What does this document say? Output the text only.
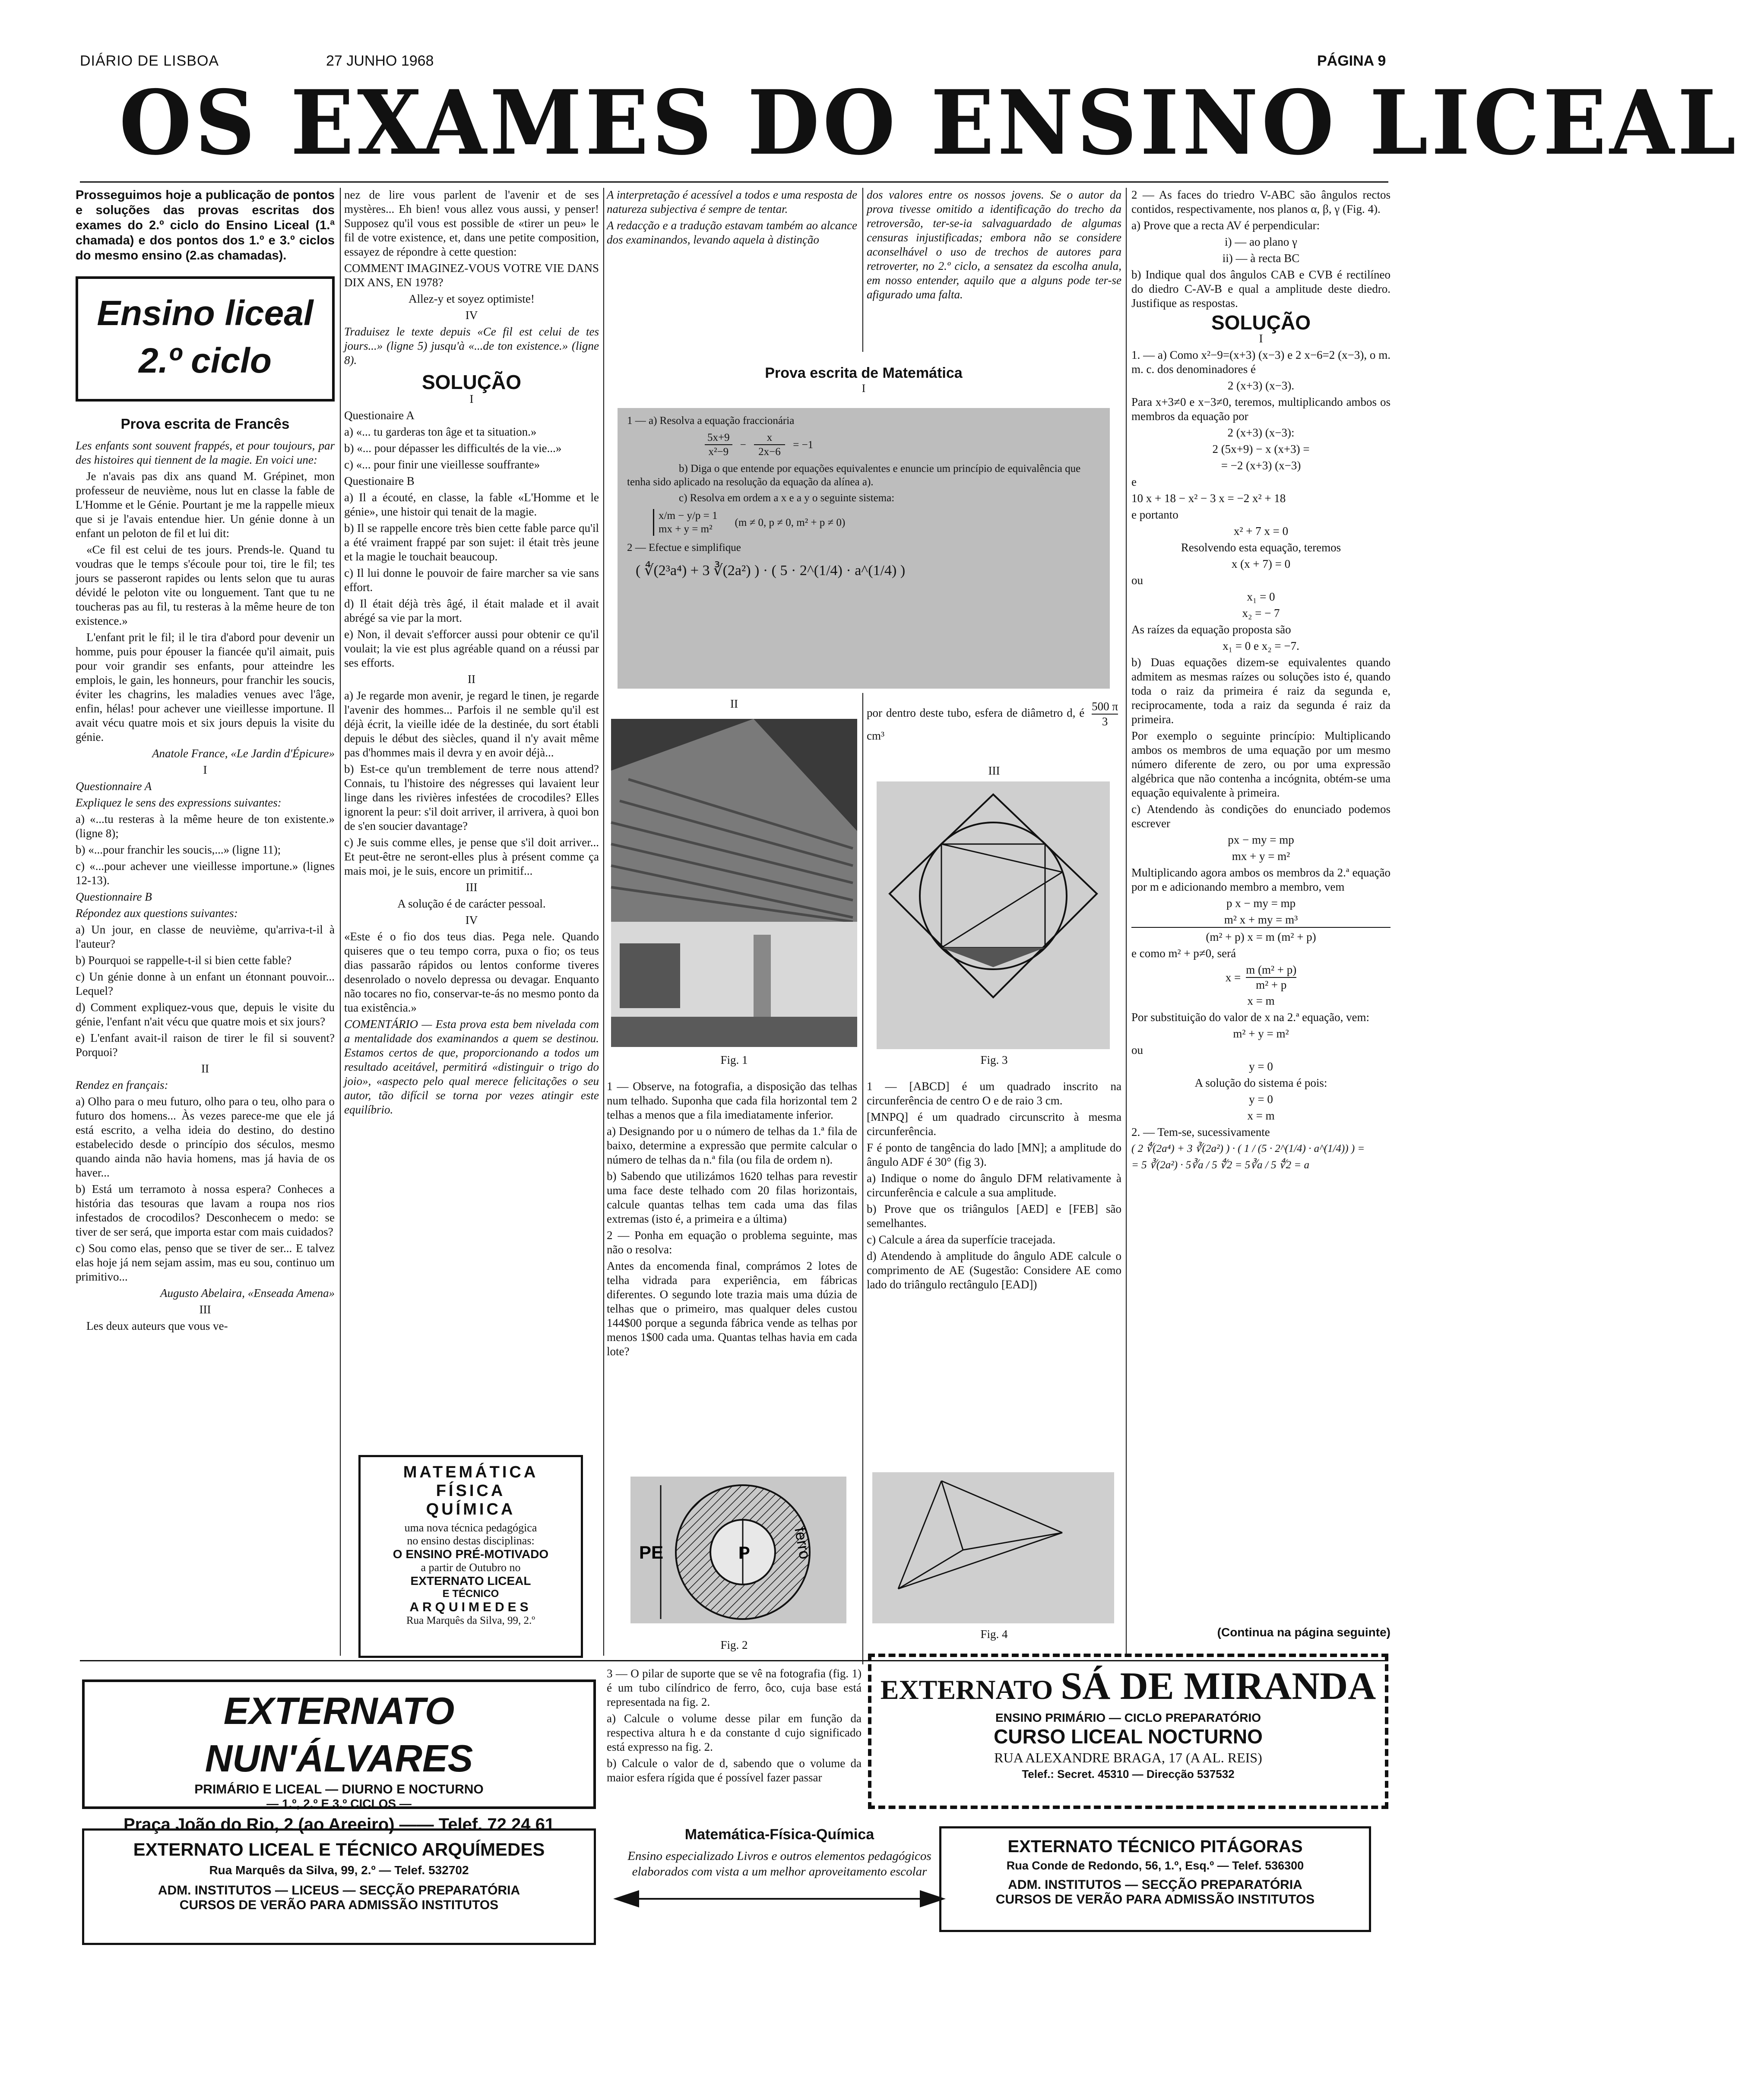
DIÁRIO DE LISBOA	27 JUNHO 1968	PÁGINA 9
OS EXAMES DO ENSINO LICEAL

Prosseguimos hoje a publicação de pontos e soluções das provas escritas dos exames do 2.º ciclo do Ensino Liceal (1.ª chamada) e dos pontos dos 1.º e 3.º ciclos do mesmo ensino (2.as chamadas).

Ensino liceal
2.º ciclo
Prova escrita de Francês

Les enfants sont souvent frappés, et pour toujours, par des histoires qui tiennent de la magie. En voici une:

Je n'avais pas dix ans quand M. Grépinet, mon professeur de neuvième, nous lut en classe la fable de L'Homme et le Génie. Pourtant je me la rappelle mieux que si je l'avais entendue hier. Un génie donne à un enfant un peloton de fil et lui dit:

«Ce fil est celui de tes jours. Prends-le. Quand tu voudras que le temps s'écoule pour toi, tire le fil; tes jours se passeront rapides ou lents selon que tu auras dévidé le peloton vite ou longuement. Tant que tu ne toucheras pas au fil, tu resteras à la même heure de ton existence.»

L'enfant prit le fil; il le tira d'abord pour devenir un homme, puis pour épouser la fiancée qu'il aimait, puis pour voir grandir ses enfants, pour atteindre les emplois, le gain, les honneurs, pour franchir les soucis, éviter les chagrins, les maladies venues avec l'âge, enfin, hélas! pour achever une vieillesse importune. Il avait vécu quatre mois et six jours depuis la visite du génie.

Anatole France, «Le Jardin d'Épicure»

I

Questionnaire A

Expliquez le sens des expressions suivantes:

a) «...tu resteras à la même heure de ton existente.» (ligne 8);

b) «...pour franchir les soucis,...» (ligne 11);

c) «...pour achever une vieillesse importune.» (lignes 12-13).

Questionnaire B

Répondez aux questions suivantes:

a) Un jour, en classe de neuvième, qu'arriva-t-il à l'auteur?

b) Pourquoi se rappelle-t-il si bien cette fable?

c) Un génie donne à un enfant un étonnant pouvoir... Lequel?

d) Comment expliquez-vous que, depuis le visite du génie, l'enfant n'ait vécu que quatre mois et six jours?

e) L'enfant avait-il raison de tirer le fil si souvent? Porquoi?

II

Rendez en français:

a) Olho para o meu futuro, olho para o teu, olho para o futuro dos homens... Às vezes parece-me que ele já está escrito, a velha ideia do destino, do destino estabelecido desde o princípio dos séculos, mesmo quando ainda não havia homens, mas já havia de os haver...

b) Está um terramoto à nossa espera? Conheces a história das tesouras que lavam a roupa nos rios infestados de crocodilos? Desconhecem o medo: se tiver de ser será, que importa estar com mais cuidados?

c) Sou como elas, penso que se tiver de ser... E talvez elas hoje já nem sejam assim, mas eu sou, continuo um primitivo...

Augusto Abelaira, «Enseada Amena»

III

Les deux auteurs que vous ve-

nez de lire vous parlent de l'avenir et de ses mystères... Eh bien! vous allez vous aussi, y penser! Supposez qu'il vous est possible de «tirer un peu» le fil de votre existence, et, dans une petite composition, essayez de répondre à cette question:

COMMENT IMAGINEZ-VOUS VOTRE VIE DANS DIX ANS, EN 1978?

Allez-y et soyez optimiste!

IV

Traduisez le texte depuis «Ce fil est celui de tes jours...» (ligne 5) jusqu'à «...de ton existence.» (ligne 8).

SOLUÇÃO

I

Questionaire A

a) «... tu garderas ton âge et ta situation.»

b) «... pour dépasser les difficultés de la vie...»

c) «... pour finir une vieillesse souffrante»

Questionaire B

a) Il a écouté, en classe, la fable «L'Homme et le génie», une histoir qui tenait de la magie.

b) Il se rappelle encore très bien cette fable parce qu'il a été vraiment frappé par son sujet: il était très jeune et la magie le touchait beaucoup.

c) Il lui donne le pouvoir de faire marcher sa vie sans effort.

d) Il était déjà très âgé, il était malade et il avait abrégé sa vie par la mort.

e) Non, il devait s'efforcer aussi pour obtenir ce qu'il voulait; la vie est plus agréable quand on a réussi par ses efforts.

II

a) Je regarde mon avenir, je regard le tinen, je regarde l'avenir des hommes... Parfois il ne semble qu'il est déjà écrit, la vieille idée de la destinée, du sort établi depuis le début des siècles, quand il n'y avait même pas d'hommes mais il devra y en avoir déjà...

b) Est-ce qu'un tremblement de terre nous attend? Connais, tu l'histoire des négresses qui lavaient leur linge dans les rivières infestées de crocodiles? Elles ignorent la peur: s'il doit arriver, il arrivera, à quoi bon de s'en soucier davantage?

c) Je suis comme elles, je pense que s'il doit arriver... Et peut-être ne seront-elles plus à présent comme ça mais moi, je le suis, encore un primitif...

III

A solução é de carácter pessoal.

IV

«Este é o fio dos teus dias. Pega nele. Quando quiseres que o teu tempo corra, puxa o fio; os teus dias passarão rápidos ou lentos conforme tiveres desenrolado o novelo depressa ou devagar. Enquanto não tocares no fio, conservar-te-ás no mesmo ponto da tua existência.»

COMENTÁRIO — Esta prova esta bem nivelada com a mentalidade dos examinandos a quem se destinou. Estamos certos de que, proporcionando a todos um resultado aceitável, permitirá «distinguir o trigo do joio», «aspecto pelo qual merece felicitações o seu autor, tão difícil se torna por vezes atingir este equilíbrio.

MATEMÁTICA
FÍSICA
QUÍMICA
uma nova técnica pedagógica
no ensino destas disciplinas:
O ENSINO PRÉ-MOTIVADO
a partir de Outubro no
EXTERNATO LICEAL
E TÉCNICO
ARQUIMEDES
Rua Marquês da Silva, 99, 2.º

A interpretação é acessível a todos e uma resposta de natureza subjectiva é sempre de tentar.

A redacção e a tradução estavam também ao alcance dos examinandos, levando aquela à distinção

dos valores entre os nossos jovens. Se o autor da prova tivesse omitido a identificação do trecho da retroversão, ter-se-ia salvaguardado de algumas censuras injustificadas; embora não se considere aconselhável o uso de trechos de autores para retroverter, no 2.º ciclo, a sensatez da escolha anula, em nosso entender, aquilo que a alguns pode ter-se afigurado uma falta.

Prova escrita de Matemática
I
1 — a) Resolva a equação fraccionária
5x+9
x²−9
− $\frac{x}{2x-6} = -1$
b) Diga o que entende por equações equivalentes e enuncie um princípio de equivalência que tenha sido aplicado na resolução da equação da alínea a).
c) Resolva em ordem a x e a y o seguinte sistema:
x/m − y/p = 1
mx + y = m²
(m ≠ 0, p ≠ 0, m² + p ≠ 0)
2 — Efectue e simplifique
( ∜(2³a⁴) + 3 ∛(2a²) ) · ( 5 · 2^(1/4) · a^(1/4) )
II
Fig. 1

1 — Observe, na fotografia, a disposição das telhas num telhado. Suponha que cada fila horizontal tem 2 telhas a menos que a fila imediatamente inferior.

a) Designando por u o número de telhas da 1.ª fila de baixo, determine a expressão que permite calcular o número de telhas da n.ª fila (ou fila de ordem n).

b) Sabendo que utilizámos 1620 telhas para revestir uma face deste telhado com 20 filas horizontais, calcule quantas telhas tem cada uma das filas extremas (isto é, a primeira e a última)

2 — Ponha em equação o problema seguinte, mas não o resolva:

Antes da encomenda final, comprámos 2 lotes de telha vidrada para experiência, em fábricas diferentes. O segundo lote trazia mais uma dúzia de telhas que o primeiro, mas qualquer deles custou 144$00 porque a segunda fábrica vende as telhas por menos 1$00 cada uma. Quantas telhas havia em cada lote?

PE	P	ferro
Fig. 2

por dentro deste tubo, esfera de diâmetro d, é

$\frac{500 \pi}{3}$
cm³
III
Fig. 3

1 — [ABCD] é um quadrado inscrito na circunferência de centro O e de raio 3 cm.

[MNPQ] é um quadrado circunscrito à mesma circunferência.

F é ponto de tangência do lado [MN]; a amplitude do ângulo ADF é 30° (fig 3).

a) Indique o nome do ângulo DFM relativamente à circunferência e calcule a sua amplitude.

b) Prove que os triângulos [AED] e [FEB] são semelhantes.

c) Calcule a área da superfície tracejada.

d) Atendendo à amplitude do ângulo ADE calcule o comprimento de AE (Sugestão: Considere AE como lado do triângulo rectângulo [EAD])

Fig. 4

2 — As faces do triedro V-ABC são ângulos rectos contidos, respectivamente, nos planos α, β, γ (Fig. 4).

a) Prove que a recta AV é perpendicular:

i) — ao plano γ

ii) — à recta BC

b) Indique qual dos ângulos CAB e CVB é rectilíneo do diedro C-AV-B e qual a amplitude deste diedro. Justifique as respostas.

SOLUÇÃO

I

1. — a) Como x²−9=(x+3) (x−3) e 2 x−6=2 (x−3), o m. m. c. dos denominadores é

2 (x+3) (x−3).

Para x+3≠0 e x−3≠0, teremos, multiplicando ambos os membros da equação por

2 (x+3) (x−3):

2 (5x+9) − x (x+3) =

= −2 (x+3) (x−3)

e

10 x + 18 − x² − 3 x = −2 x² + 18

e portanto

x² + 7 x = 0

Resolvendo esta equação, teremos

x (x + 7) = 0

ou

x₁ = 0

x₂ = − 7

As raízes da equação proposta são

x₁ = 0 e x₂ = −7.

b) Duas equações dizem-se equivalentes quando admitem as mesmas raízes ou soluções isto é, quando toda o raiz da primeira é raiz da segunda e, reciprocamente, toda a raiz da segunda é raiz da primeira.

Por exemplo o seguinte princípio: Multiplicando ambos os membros de uma equação por um mesmo número diferente de zero, ou por uma expressão algébrica que não contenha a incógnita, obtém-se uma equação equivalente à primeira.

c) Atendendo às condições do enunciado podemos escrever

px − my = mp

mx + y = m²

Multiplicando agora ambos os membros da 2.ª equação por m e adicionando membro a membro, vem

p x − my = mp

m² x + my = m³

(m² + p) x = m (m² + p)

e como m² + p≠0, será

$x = \frac{\text{m (m² + p)}}{\text{m² + p}}$

x = m

Por substituição do valor de x na 2.ª equação, vem:

m² + y = m²

ou

y = 0

A solução do sistema é pois:

y = 0

x = m

2. — Tem-se, sucessivamente

( 2 ∜(2a⁴) + 3 ∛(2a²) ) · ( 1 / (5 · 2^(1/4) · a^(1/4)) ) =

= 5 ∛(2a²) · 5∛a / 5 ∜2 = 5∛a / 5 ∜2 = a

(Continua na página seguinte)
EXTERNATO NUN'ÁLVARES
PRIMÁRIO E LICEAL — DIURNO E NOCTURNO
— 1.º, 2.º E 3.º CICLOS —
Praça João do Rio, 2 (ao Areeiro) —— Telef. 72 24 61
EXTERNATO LICEAL E TÉCNICO ARQUÍMEDES
Rua Marquês da Silva, 99, 2.º — Telef. 532702
ADM. INSTITUTOS — LICEUS — SECÇÃO PREPARATÓRIA
CURSOS DE VERÃO PARA ADMISSÃO INSTITUTOS

3 — O pilar de suporte que se vê na fotografia (fig. 1) é um tubo cilíndrico de ferro, ôco, cuja base está representada na fig. 2.

a) Calcule o volume desse pilar em função da respectiva altura h e da constante d cujo significado está expresso na fig. 2.

b) Calcule o valor de d, sabendo que o volume da maior esfera rígida que é possível fazer passar

Matemática-Física-Química
Ensino especializado Livros e outros elementos pedagógicos elaborados com vista a um melhor aproveitamento escolar
EXTERNATO SÁ DE MIRANDA
ENSINO PRIMÁRIO — CICLO PREPARATÓRIO
CURSO LICEAL NOCTURNO
RUA ALEXANDRE BRAGA, 17 (A AL. REIS)
Telef.: Secret. 45310 — Direcção 537532
EXTERNATO TÉCNICO PITÁGORAS
Rua Conde de Redondo, 56, 1.º, Esq.º — Telef. 536300
ADM. INSTITUTOS — SECÇÃO PREPARATÓRIA
CURSOS DE VERÃO PARA ADMISSÃO INSTITUTOS
